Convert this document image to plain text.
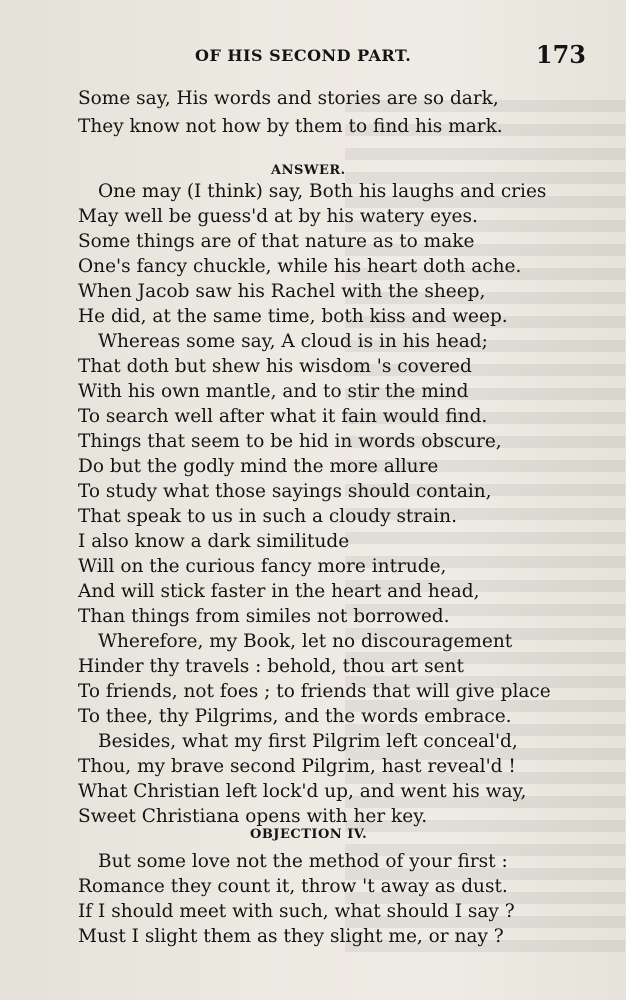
OF HIS SECOND PART.	173
Some say, His words and stories are so dark,
They know not how by them to find his mark.
ANSWER.
One may (I think) say, Both his laughs and cries
May well be guess'd at by his watery eyes.
Some things are of that nature as to make
One's fancy chuckle, while his heart doth ache.
When Jacob saw his Rachel with the sheep,
He did, at the same time, both kiss and weep.
Whereas some say, A cloud is in his head;
That doth but shew his wisdom 's covered
With his own mantle, and to stir the mind
To search well after what it fain would find.
Things that seem to be hid in words obscure,
Do but the godly mind the more allure
To study what those sayings should contain,
That speak to us in such a cloudy strain.
I also know a dark similitude
Will on the curious fancy more intrude,
And will stick faster in the heart and head,
Than things from similes not borrowed.
Wherefore, my Book, let no discouragement
Hinder thy travels : behold, thou art sent
To friends, not foes ; to friends that will give place
To thee, thy Pilgrims, and the words embrace.
Besides, what my first Pilgrim left conceal'd,
Thou, my brave second Pilgrim, hast reveal'd !
What Christian left lock'd up, and went his way,
Sweet Christiana opens with her key.
OBJECTION IV.
But some love not the method of your first :
Romance they count it, throw 't away as dust.
If I should meet with such, what should I say ?
Must I slight them as they slight me, or nay ?
